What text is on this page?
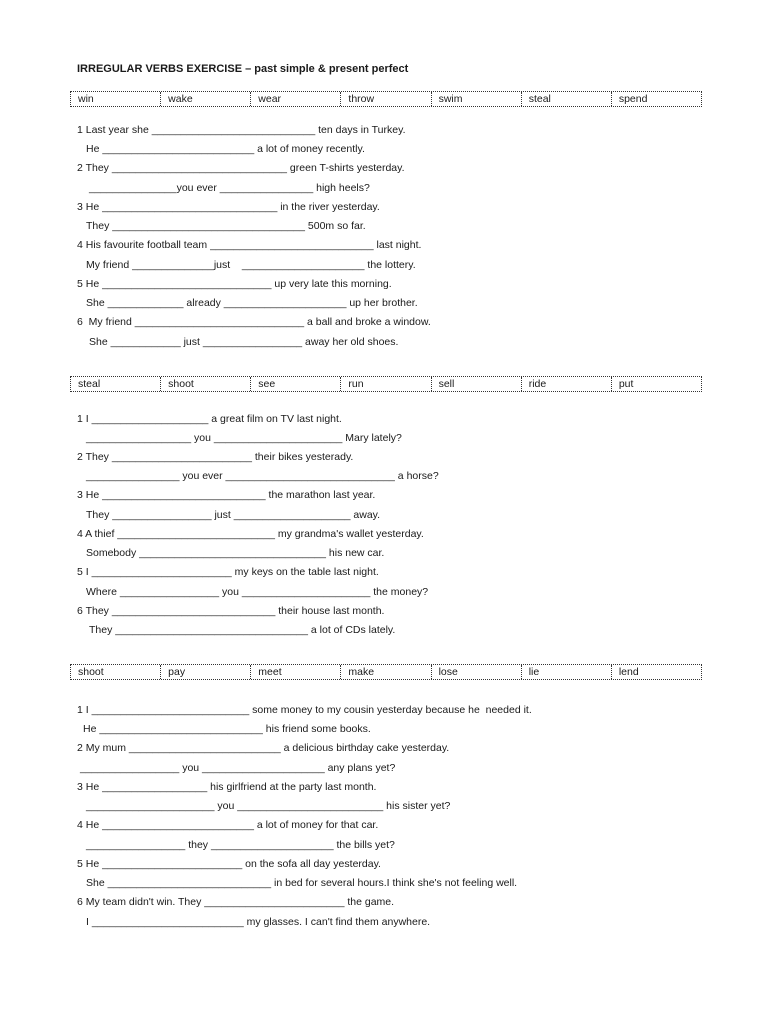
IRREGULAR VERBS EXERCISE – past simple & present perfect
win	wake	wear	throw	swim	steal	spend
1 Last year she ____________________________ ten days in Turkey.
He __________________________ a lot of money recently.
2 They ______________________________ green T-shirts yesterday.
_______________you ever ________________ high heels?
3 He ______________________________ in the river yesterday.
They _________________________________ 500m so far.
4 His favourite football team ____________________________ last night.
My friend ______________just    _____________________ the lottery.
5 He _____________________________ up very late this morning.
She _____________ already _____________________ up her brother.
6  My friend _____________________________ a ball and broke a window.
She ____________ just _________________ away her old shoes.
steal	shoot	see	run	sell	ride	put
1 I ____________________ a great film on TV last night.
__________________ you ______________________ Mary lately?
2 They ________________________ their bikes yesterady.
________________ you ever _____________________________ a horse?
3 He ____________________________ the marathon last year.
They _________________ just ____________________ away.
4 A thief ___________________________ my grandma's wallet yesterday.
Somebody ________________________________ his new car.
5 I ________________________ my keys on the table last night.
Where _________________ you ______________________ the money?
6 They ____________________________ their house last month.
They _________________________________ a lot of CDs lately.
shoot	pay	meet	make	lose	lie	lend
1 I ___________________________ some money to my cousin yesterday because he  needed it.
He ____________________________ his friend some books.
2 My mum __________________________ a delicious birthday cake yesterday.
_________________ you _____________________ any plans yet?
3 He __________________ his girlfriend at the party last month.
______________________ you _________________________ his sister yet?
4 He __________________________ a lot of money for that car.
_________________ they _____________________ the bills yet?
5 He ________________________ on the sofa all day yesterday.
She ____________________________ in bed for several hours.I think she's not feeling well.
6 My team didn't win. They ________________________ the game.
I __________________________ my glasses. I can't find them anywhere.
